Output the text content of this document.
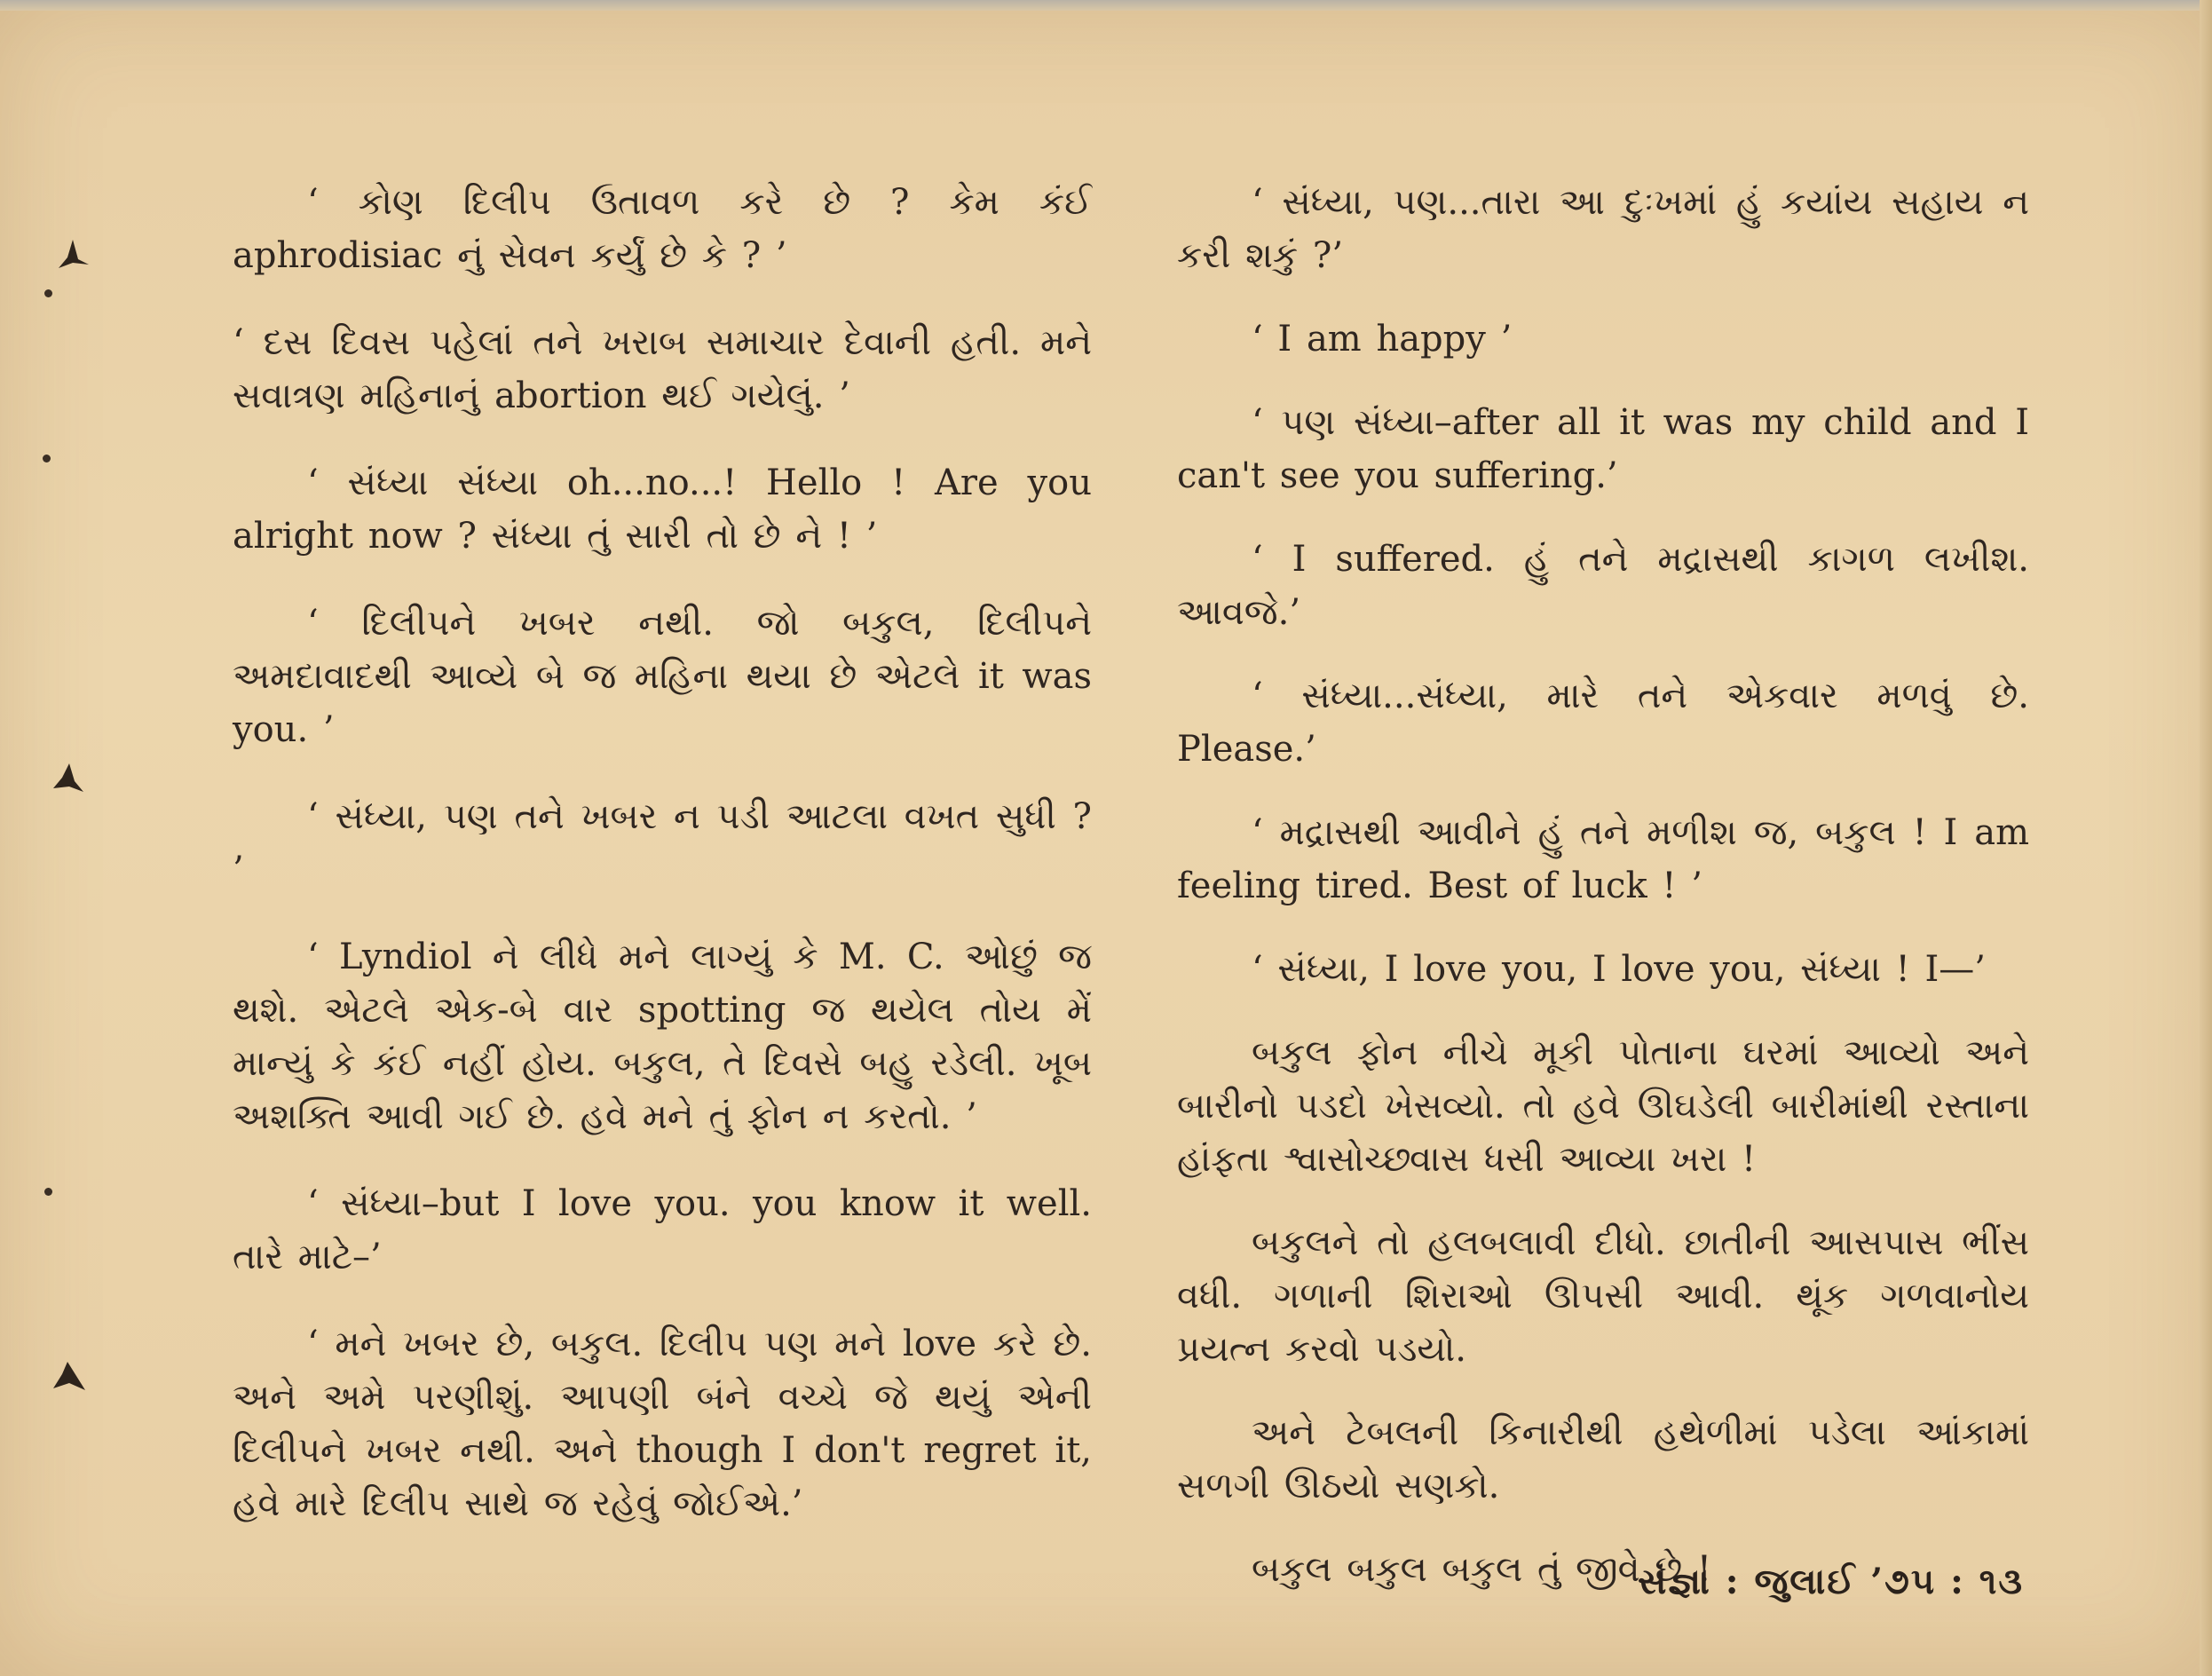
‘ કોણ દિલીપ ઉતાવળ કરે છે ? કેમ કંઈ aphrodisiac નું સેવન કર્યું છે કે ? ’

‘ દસ દિવસ પહેલાં તને ખરાબ સમાચાર દેવાની હતી. મને સવાત્રણ મહિનાનું abortion થઈ ગયેલું. ’

‘ સંધ્યા સંધ્યા oh...no...! Hello ! Are you alright now ? સંધ્યા તું સારી તો છે ને ! ’

‘ દિલીપને ખબર નથી. જો બકુલ, દિલીપને અમદાવાદથી આવ્યે બે જ મહિના થયા છે એટલે it was you. ’

‘ સંધ્યા, પણ તને ખબર ન પડી આટલા વખત સુધી ? ’

‘ Lyndiol ને લીધે મને લાગ્યું કે M. C. ઓછું જ થશે. એટલે એક-બે વાર spotting જ થયેલ તોય મેં માન્યું કે કંઈ નહીં હોય. બકુલ, તે દિવસે બહુ રડેલી. ખૂબ અશક્તિ આવી ગઈ છે. હવે મને તું ફોન ન કરતો. ’

‘ સંધ્યા–but I love you. you know it well. તારે માટે–’

‘ મને ખબર છે, બકુલ. દિલીપ પણ મને love કરે છે. અને અમે પરણીશું. આપણી બંને વચ્ચે જે થયું એની દિલીપને ખબર નથી. અને though I don't regret it, હવે મારે દિલીપ સાથે જ રહેવું જોઈએ.’

‘ સંધ્યા, પણ...તારા આ દુઃખમાં હું કયાંય સહાય ન કરી શકું ?’

‘ I am happy ’

‘ પણ સંધ્યા–after all it was my child and I can't see you suffering.’

‘ I suffered. હું તને મદ્રાસથી કાગળ લખીશ. આવજે.’

‘ સંધ્યા...સંધ્યા, મારે તને એકવાર મળવું છે. Please.’

‘ મદ્રાસથી આવીને હું તને મળીશ જ, બકુલ ! I am feeling tired. Best of luck ! ’

‘ સંધ્યા, I love you, I love you, સંધ્યા ! I—’

બકુલ ફોન નીચે મૂકી પોતાના ઘરમાં આવ્યો અને બારીનો પડદો ખેસવ્યો. તો હવે ઊઘડેલી બારીમાંથી રસ્તાના હાંફતા શ્વાસોચ્છ્વાસ ધસી આવ્યા ખરા !

બકુલને તો હલબલાવી દીધો. છાતીની આસપાસ ભીંસ વધી. ગળાની શિરાઓ ઊપસી આવી. થૂંક ગળવાનોય પ્રયત્ન કરવો પડયો.

અને ટેબલની કિનારીથી હથેળીમાં પડેલા આંકામાં સળગી ઊઠયો સણકો.

બકુલ બકુલ બકુલ તું જીવે છે !

સંજ્ઞા : જુલાઈ ’૭૫ : ૧૩
